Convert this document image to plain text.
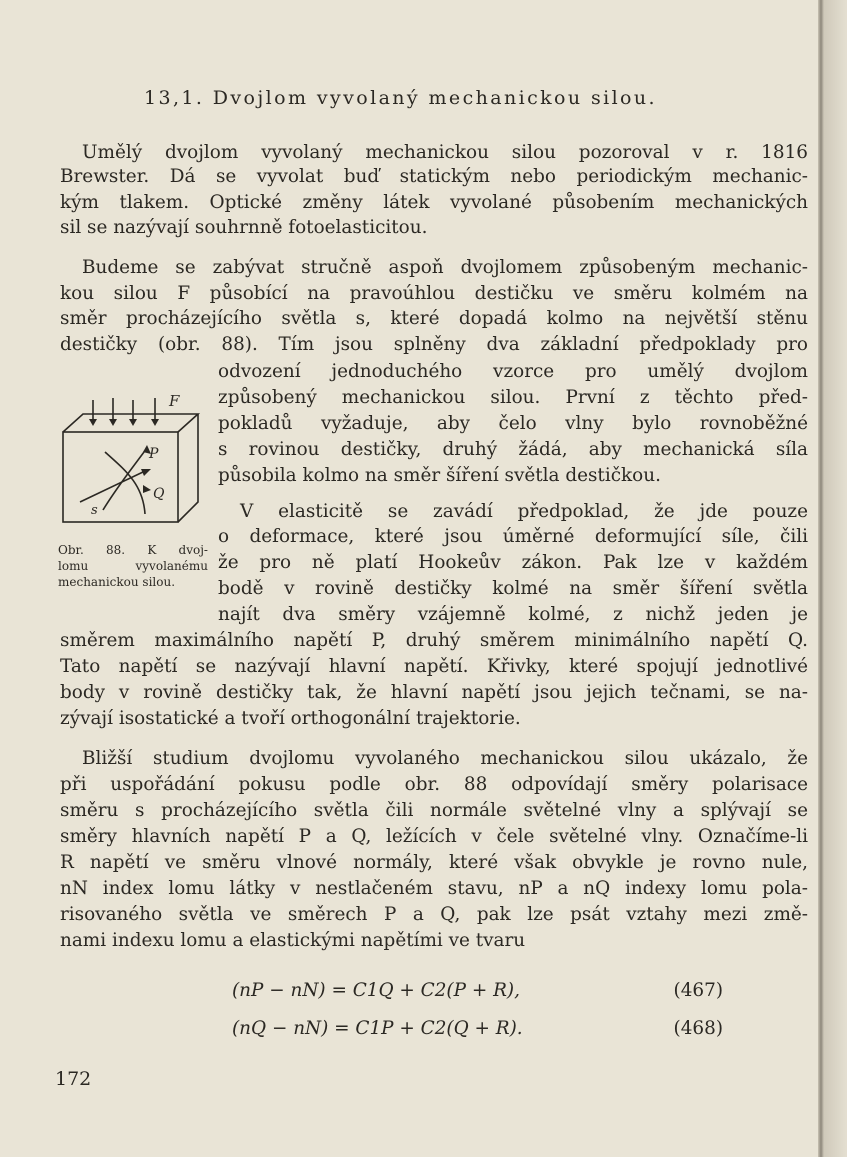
13,1. Dvojlom vyvolaný mechanickou silou.
Umělý dvojlom vyvolaný mechanickou silou pozoroval v r. 1816
Brewster. Dá se vyvolat buď statickým nebo periodickým mechanic-
kým tlakem. Optické změny látek vyvolané působením mechanických
sil se nazývají souhrnně fotoelasticitou.
Budeme se zabývat stručně aspoň dvojlomem způsobeným mechanic-
kou silou F působící na pravoúhlou destičku ve směru kolmém na
směr procházejícího světla s, které dopadá kolmo na největší stěnu
destičky (obr. 88). Tím jsou splněny dva základní předpoklady pro
odvození jednoduchého vzorce pro umělý dvojlom
způsobený mechanickou silou. První z těchto před-
pokladů vyžaduje, aby čelo vlny bylo rovnoběžné
s rovinou destičky, druhý žádá, aby mechanická síla
působila kolmo na směr šíření světla destičkou.
F
P
Q
s
Obr. 88. K dvoj-
lomu vyvolanému
mechanickou silou.
V elasticitě se zavádí předpoklad, že jde pouze
o deformace, které jsou úměrné deformující síle, čili
že pro ně platí Hookeův zákon. Pak lze v každém
bodě v rovině destičky kolmé na směr šíření světla
najít dva směry vzájemně kolmé, z nichž jeden je
směrem maximálního napětí P, druhý směrem minimálního napětí Q.
Tato napětí se nazývají hlavní napětí. Křivky, které spojují jednotlivé
body v rovině destičky tak, že hlavní napětí jsou jejich tečnami, se na-
zývají isostatické a tvoří orthogonální trajektorie.
Bližší studium dvojlomu vyvolaného mechanickou silou ukázalo, že
při uspořádání pokusu podle obr. 88 odpovídají směry polarisace
směru s procházejícího světla čili normále světelné vlny a splývají se
směry hlavních napětí P a Q, ležících v čele světelné vlny. Označíme-li
R napětí ve směru vlnové normály, které však obvykle je rovno nule,
nN index lomu látky v nestlačeném stavu, nP a nQ indexy lomu pola-
risovaného světla ve směrech P a Q, pak lze psát vztahy mezi změ-
nami indexu lomu a elastickými napětími ve tvaru
(nP − nN) = C1Q + C2(P + R),	(467)
(nQ − nN) = C1P + C2(Q + R).	(468)
172
